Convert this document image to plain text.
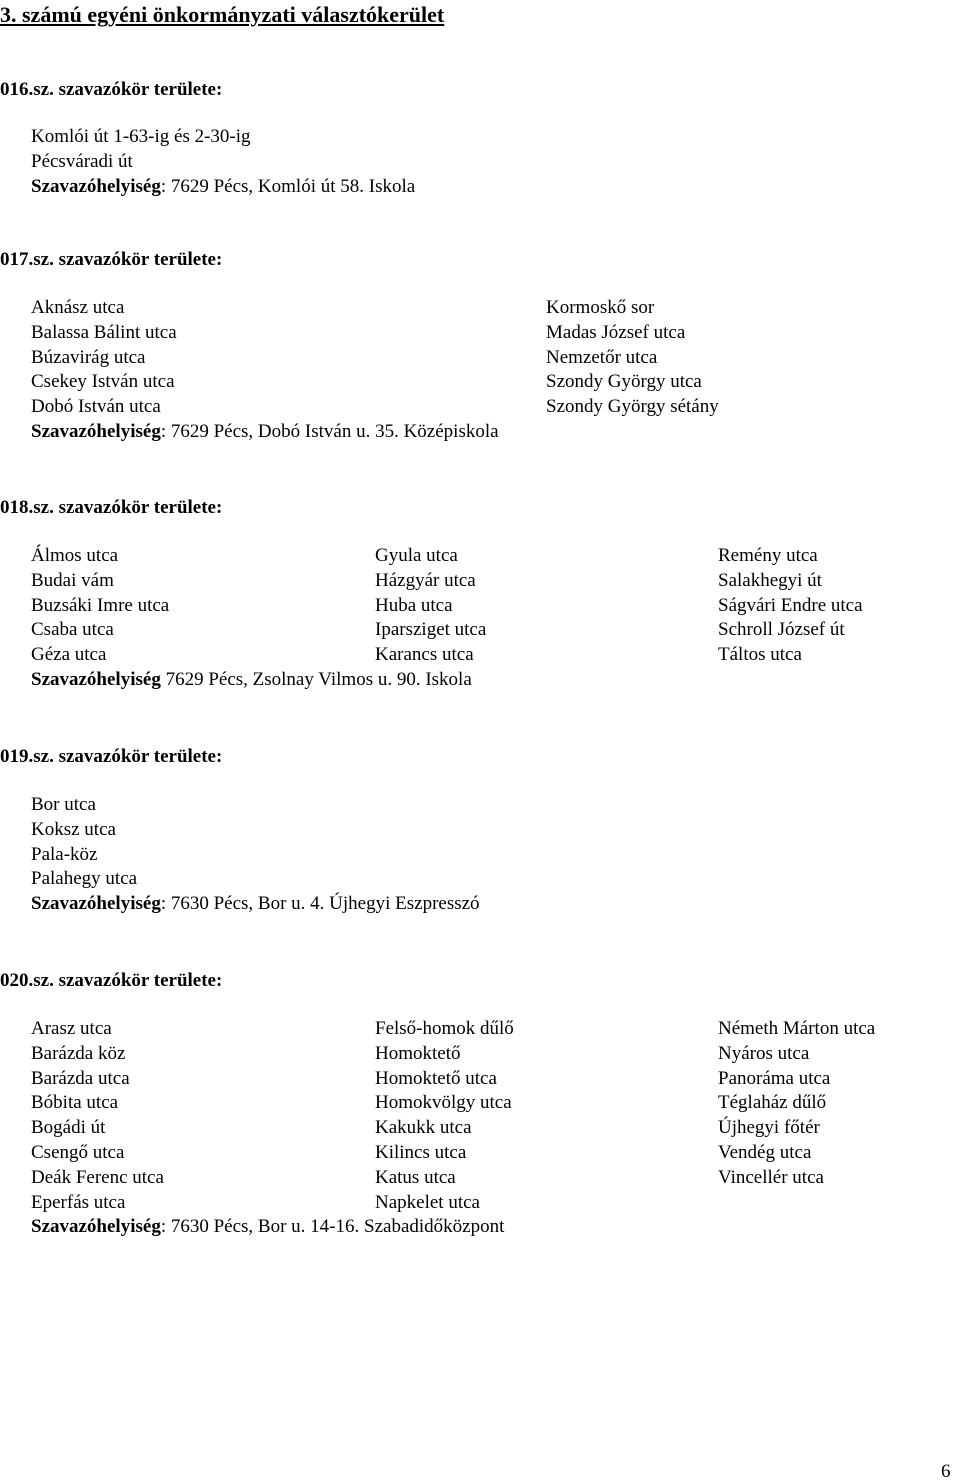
3. számú egyéni önkormányzati választókerület
016.sz. szavazókör területe:
Komlói út 1-63-ig és 2-30-ig
Pécsváradi út
Szavazóhelyiség: 7629 Pécs, Komlói út 58. Iskola
017.sz. szavazókör területe:
Aknász utca
Balassa Bálint utca
Búzavirág utca
Csekey István utca
Dobó István utca
Kormoskő sor
Madas József utca
Nemzetőr utca
Szondy György utca
Szondy György sétány
Szavazóhelyiség: 7629 Pécs, Dobó István u. 35. Középiskola
018.sz. szavazókör területe:
Álmos utca
Budai vám
Buzsáki Imre utca
Csaba utca
Géza utca
Gyula utca
Házgyár utca
Huba utca
Iparsziget utca
Karancs utca
Remény utca
Salakhegyi út
Ságvári Endre utca
Schroll József út
Táltos utca
Szavazóhelyiség 7629 Pécs, Zsolnay Vilmos u. 90. Iskola
019.sz. szavazókör területe:
Bor utca
Koksz utca
Pala-köz
Palahegy utca
Szavazóhelyiség: 7630 Pécs, Bor u. 4. Újhegyi Eszpresszó
020.sz. szavazókör területe:
Arasz utca
Barázda köz
Barázda utca
Bóbita utca
Bogádi út
Csengő utca
Deák Ferenc utca
Eperfás utca
Felső-homok dűlő
Homoktető
Homoktető utca
Homokvölgy utca
Kakukk utca
Kilincs utca
Katus utca
Napkelet utca
Németh Márton utca
Nyáros utca
Panoráma utca
Téglaház dűlő
Újhegyi főtér
Vendég utca
Vincellér utca
Szavazóhelyiség: 7630 Pécs, Bor u. 14-16. Szabadidőközpont
6
